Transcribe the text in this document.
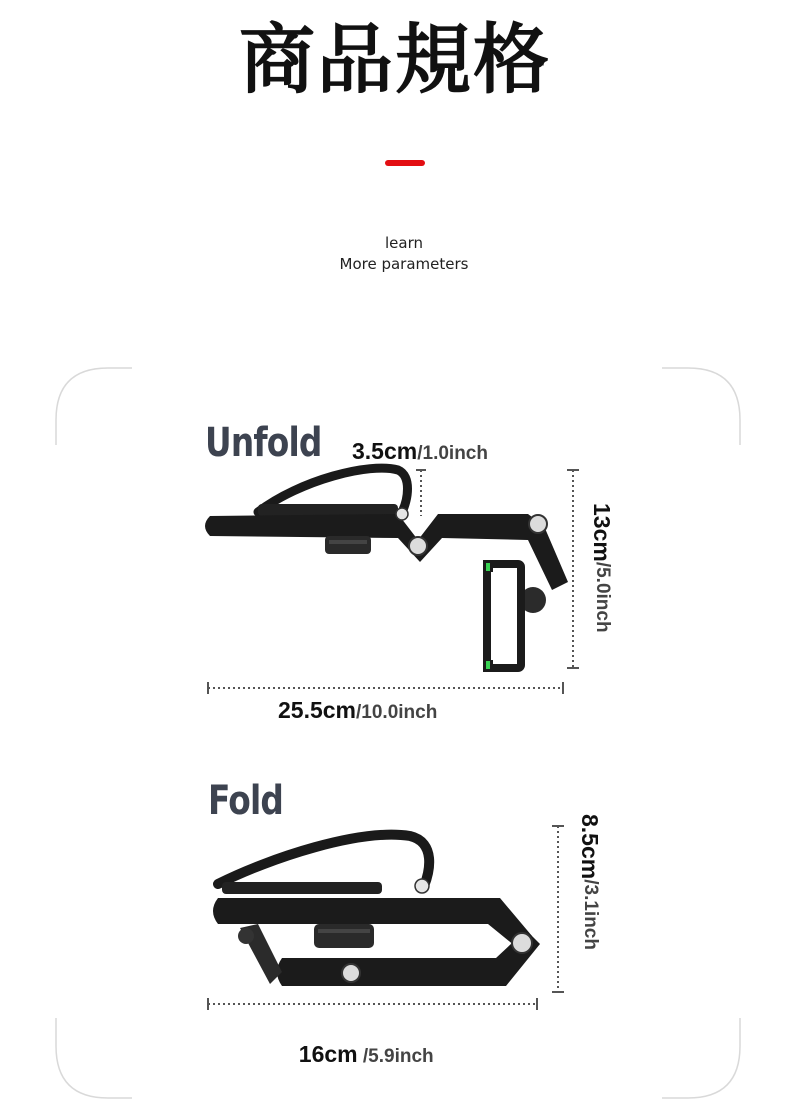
商品規格
learn
More parameters
Unfold 3.5cm/1.0inch
13cm/5.0inch
25.5cm/10.0inch
Fold
8.5cm/3.1inch

16cm /5.9inch
